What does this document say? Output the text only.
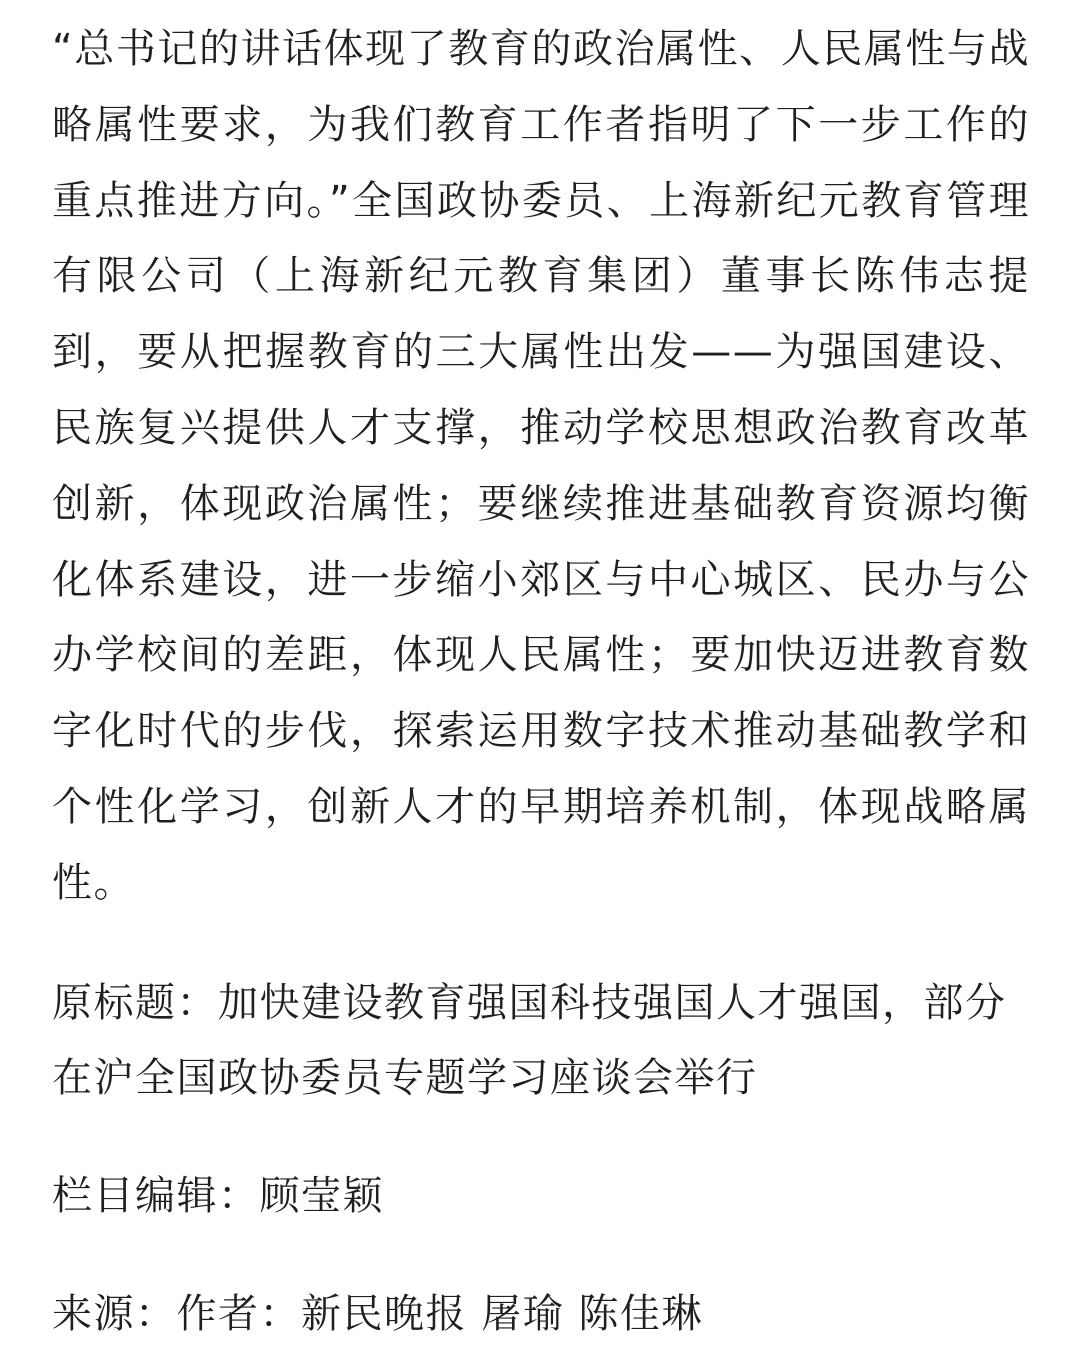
“总书记的讲话体现了教育的政治属性、人民属性与战略属性要求，为我们教育工作者指明了下一步工作的重点推进方向。”全国政协委员、上海新纪元教育管理有限公司（上海新纪元教育集团）董事长陈伟志提到，要从把握教育的三大属性出发——为强国建设、民族复兴提供人才支撑，推动学校思想政治教育改革创新，体现政治属性；要继续推进基础教育资源均衡化体系建设，进一步缩小郊区与中心城区、民办与公办学校间的差距，体现人民属性；要加快迈进教育数字化时代的步伐，探索运用数字技术推动基础教学和个性化学习，创新人才的早期培养机制，体现战略属性。

原标题：加快建设教育强国科技强国人才强国，部分在沪全国政协委员专题学习座谈会举行

栏目编辑：顾莹颖

来源：作者：新民晚报 屠瑜 陈佳琳
